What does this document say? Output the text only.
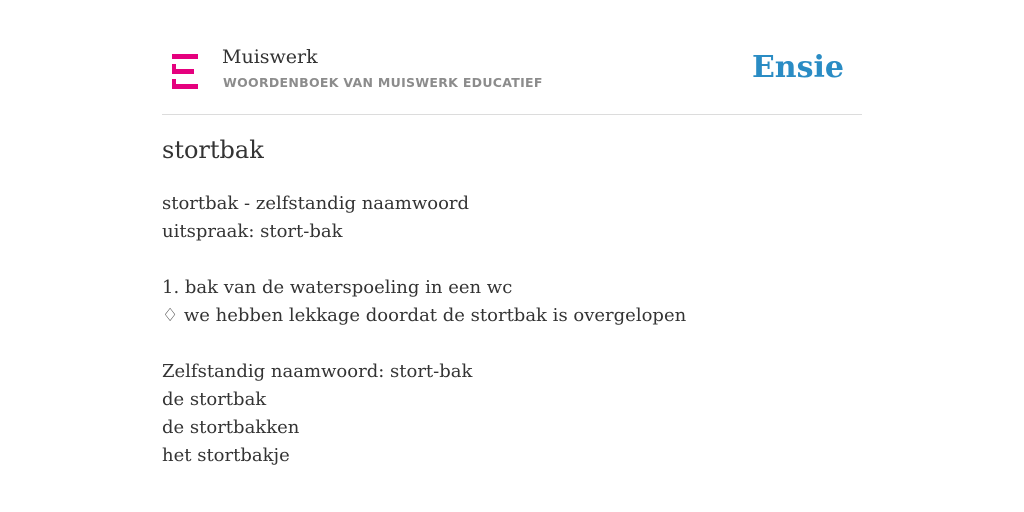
Muiswerk
WOORDENBOEK VAN MUISWERK EDUCATIEF	Ensie
stortbak
stortbak - zelfstandig naamwoord
uitspraak: stort-bak
1. bak van de waterspoeling in een wc
♢ we hebben lekkage doordat de stortbak is overgelopen
Zelfstandig naamwoord: stort-bak
de stortbak
de stortbakken
het stortbakje
